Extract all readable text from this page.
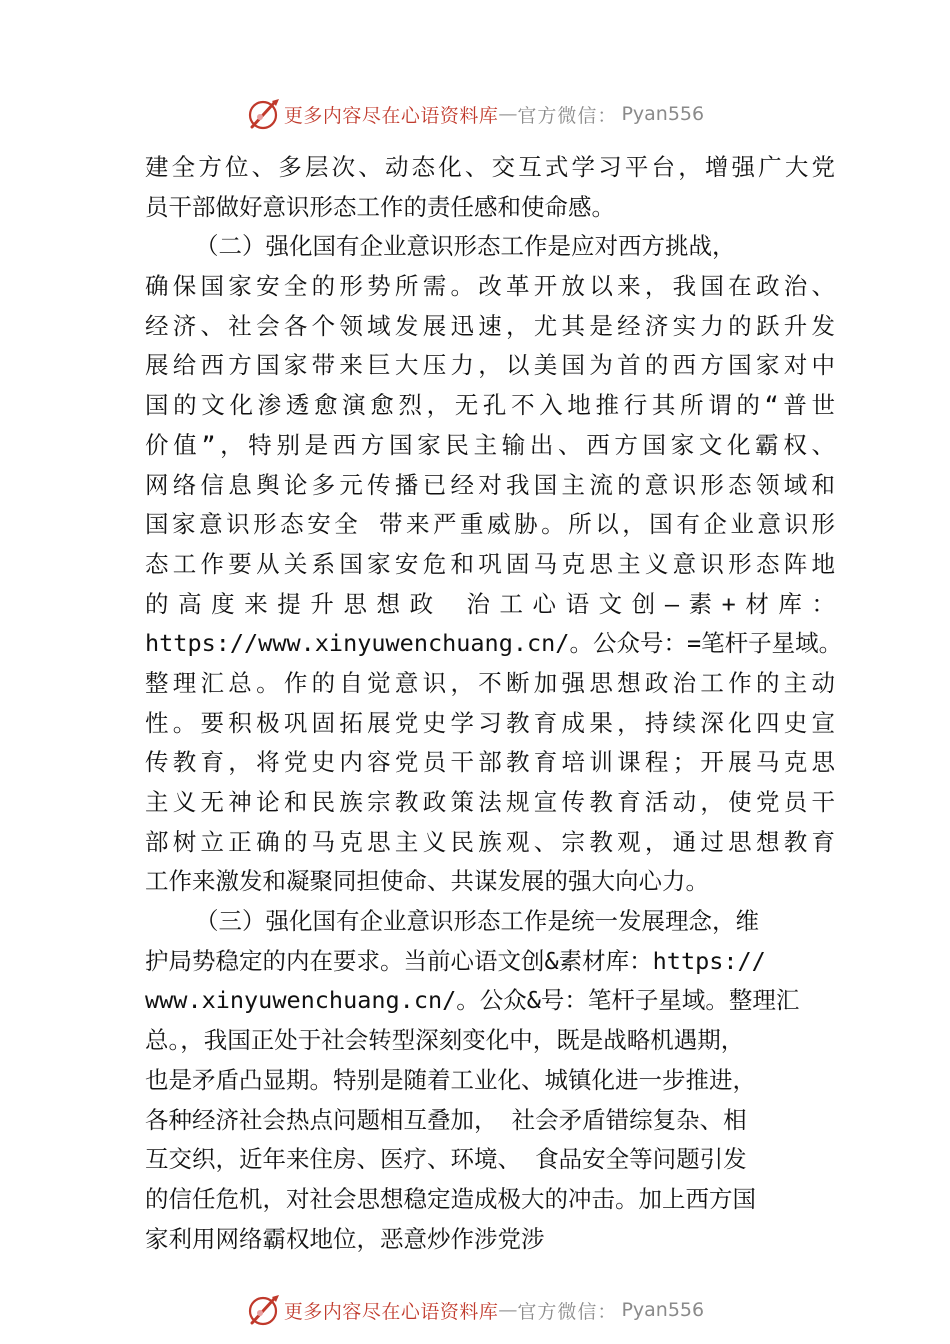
更多内容尽在心语资料库 — 官方微信： Pyan556
建全方位、多层次、动态化、交互式学习平台，增强广大党
员干部做好意识形态工作的责任感和使命感。
（二）强化国有企业意识形态工作是应对西方挑战，
确保国家安全的形势所需。改革开放以来，我国在政治、
经济、社会各个领域发展迅速，尤其是经济实力的跃升发
展给西方国家带来巨大压力，以美国为首的西方国家对中
国的文化渗透愈演愈烈，无孔不入地推行其所谓的“普世
价值”，特别是西方国家民主输出、西方国家文化霸权、
网络信息舆论多元传播已经对我国主流的意识形态领域和
国家意识形态安全 带来严重威胁。所以，国有企业意识形
态工作要从关系国家安危和巩固马克思主义意识形态阵地
的高度来提升思想政 治工心语文创—素+材库：
https://www.xinyuwenchuang.cn/。公众号：=笔杆子星域。
整理汇总。作的自觉意识，不断加强思想政治工作的主动
性。要积极巩固拓展党史学习教育成果，持续深化四史宣
传教育，将党史内容党员干部教育培训课程；开展马克思
主义无神论和民族宗教政策法规宣传教育活动，使党员干
部树立正确的马克思主义民族观、宗教观，通过思想教育
工作来激发和凝聚同担使命、共谋发展的强大向心力。
（三）强化国有企业意识形态工作是统一发展理念，维
护局势稳定的内在要求。当前心语文创&素材库：https://
www.xinyuwenchuang.cn/。公众&号：笔杆子星域。整理汇
总。，我国正处于社会转型深刻变化中，既是战略机遇期，
也是矛盾凸显期。特别是随着工业化、城镇化进一步推进，
各种经济社会热点问题相互叠加， 社会矛盾错综复杂、相
互交织，近年来住房、医疗、环境、 食品安全等问题引发
的信任危机，对社会思想稳定造成极大的冲击。加上西方国
家利用网络霸权地位，恶意炒作涉党涉
更多内容尽在心语资料库 — 官方微信： Pyan556
